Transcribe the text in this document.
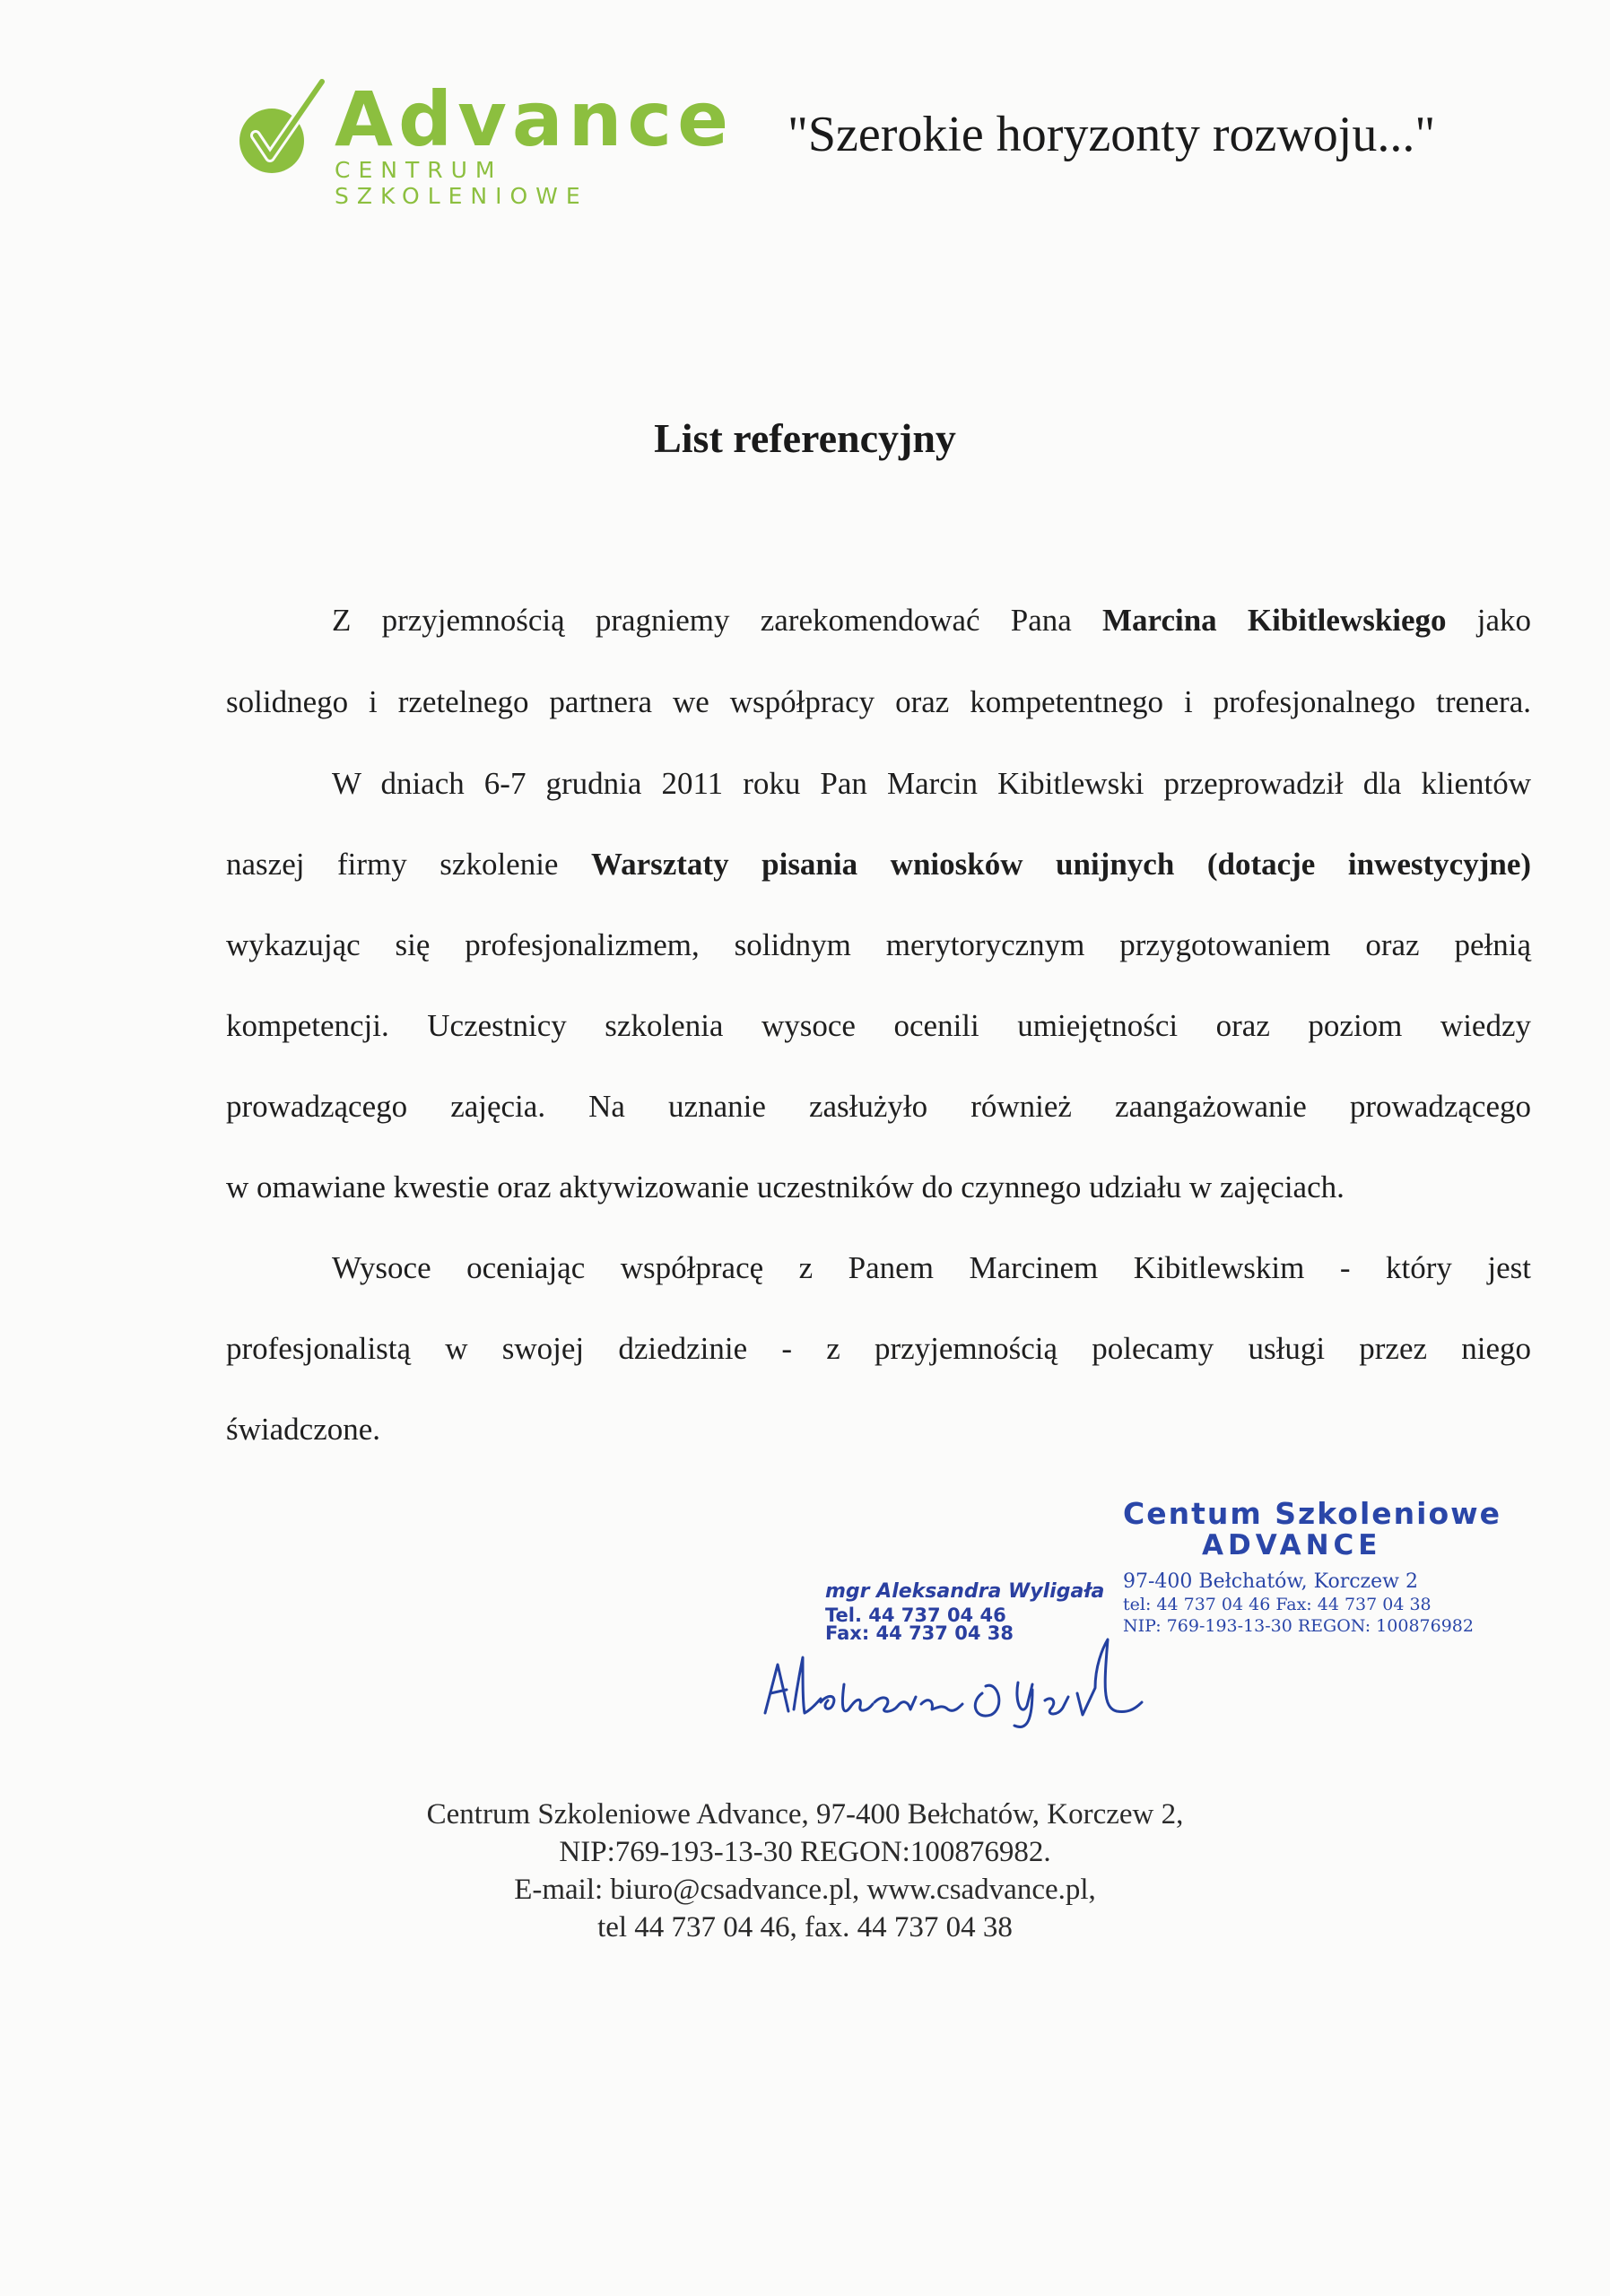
Advance
CENTRUM SZKOLENIOWE
"Szerokie horyzonty rozwoju..."
List referencyjny
Z przyjemnością pragniemy zarekomendować Pana Marcina Kibitlewskiego jako
solidnego i rzetelnego partnera we współpracy oraz kompetentnego i profesjonalnego trenera.
W dniach 6-7 grudnia 2011 roku Pan Marcin Kibitlewski przeprowadził dla klientów
naszej firmy szkolenie Warsztaty pisania wniosków unijnych (dotacje inwestycyjne)
wykazując się profesjonalizmem, solidnym merytorycznym przygotowaniem oraz pełnią
kompetencji. Uczestnicy szkolenia wysoce ocenili umiejętności oraz poziom wiedzy
prowadzącego zajęcia. Na uznanie zasłużyło również zaangażowanie prowadzącego
w omawiane kwestie oraz aktywizowanie uczestników do czynnego udziału w zajęciach.
Wysoce oceniając współpracę z Panem Marcinem Kibitlewskim - który jest
profesjonalistą w swojej dziedzinie - z przyjemnością polecamy usługi przez niego
świadczone.
Centum Szkoleniowe
ADVANCE
97-400 Bełchatów, Korczew 2
tel: 44 737 04 46 Fax: 44 737 04 38
NIP: 769-193-13-30 REGON: 100876982
mgr Aleksandra Wyligała
Tel. 44 737 04 46
Fax: 44 737 04 38
Centrum Szkoleniowe Advance, 97-400 Bełchatów, Korczew 2,
NIP:769-193-13-30 REGON:100876982.
E-mail: biuro@csadvance.pl, www.csadvance.pl,
tel 44 737 04 46, fax. 44 737 04 38
